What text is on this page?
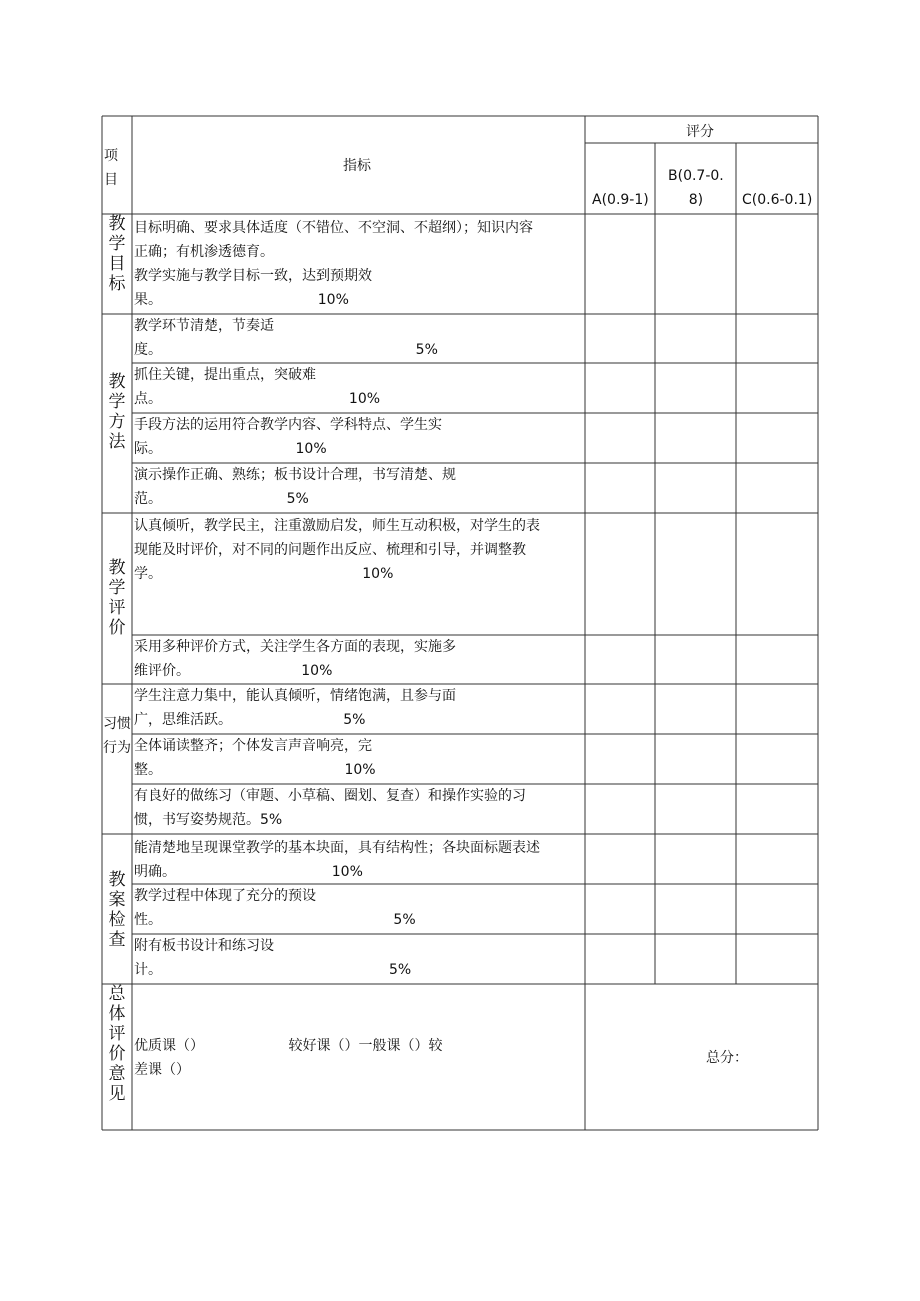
项
目
指标
评分
A(0.9-1)
B(0.7-0.
8)	C(0.6-0.1)
教学目标
教学方法
教学评价
习惯行为
教案检查
总体评价意见
目标明确、要求具体适度（不错位、不空洞、不超纲）；知识内容
正确；有机渗透德育。
教学实施与教学目标一致，达到预期效
果。                                   10%
教学环节清楚，节奏适
度。                                                         5%
抓住关键，提出重点，突破难
点。                                          10%
手段方法的运用符合教学内容、学科特点、学生实
际。                              10%
演示操作正确、熟练；板书设计合理，书写清楚、规
范。                            5%
认真倾听，教学民主，注重激励启发，师生互动积极，对学生的表
现能及时评价，对不同的问题作出反应、梳理和引导，并调整教
学。                                             10%
采用多种评价方式，关注学生各方面的表现，实施多
维评价。                         10%
学生注意力集中，能认真倾听，情绪饱满，且参与面
广，思维活跃。                         5%
全体诵读整齐；个体发言声音响亮，完
整。                                         10%
有良好的做练习（审题、小草稿、圈划、复查）和操作实验的习
惯，书写姿势规范。5%
能清楚地呈现课堂教学的基本块面，具有结构性；各块面标题表述
明确。                                   10%
教学过程中体现了充分的预设
性。                                                    5%
附有板书设计和练习设
计。                                                   5%
优质课（）                   较好课（）一般课（）较
差课（）
总分：
